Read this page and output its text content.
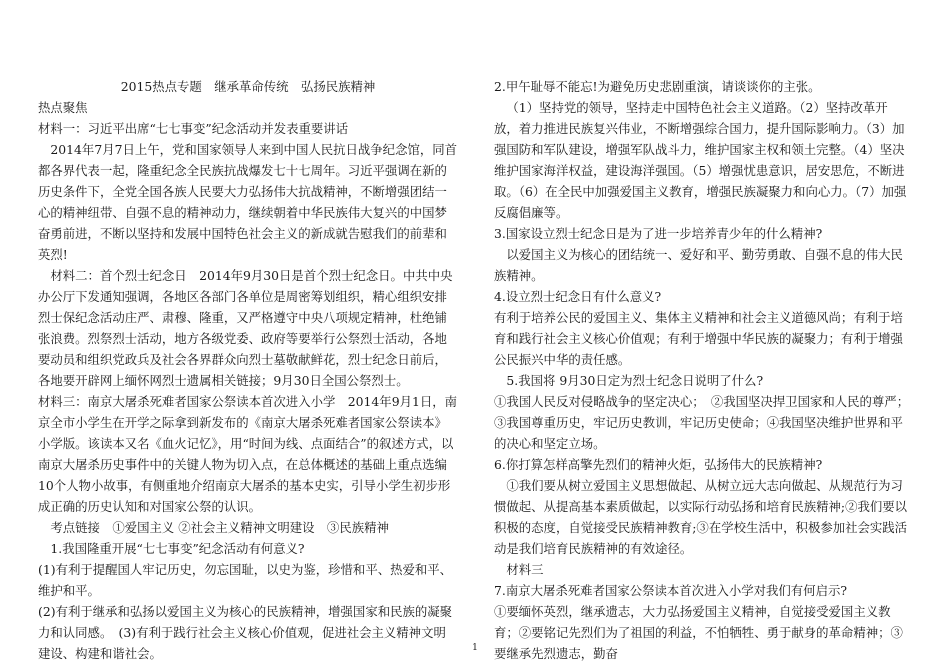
2015热点专题　继承革命传统　弘扬民族精神

热点聚焦

材料一：习近平出席“七七事变”纪念活动并发表重要讲话

2014年7月7日上午，党和国家领导人来到中国人民抗日战争纪念馆，同首都各界代表一起，隆重纪念全民族抗战爆发七十七周年。习近平强调在新的历史条件下，全党全国各族人民要大力弘扬伟大抗战精神，不断增强团结一心的精神纽带、自强不息的精神动力，继续朝着中华民族伟大复兴的中国梦奋勇前进，不断以坚持和发展中国特色社会主义的新成就告慰我们的前辈和英烈!

材料二：首个烈士纪念日　2014年9月30日是首个烈士纪念日。中共中央办公厅下发通知强调，各地区各部门各单位是周密筹划组织，精心组织安排烈士保纪念活动庄严、肃穆、隆重，又严格遵守中央八项规定精神，杜绝铺张浪费。烈祭烈士活动，地方各级党委、政府等要举行公祭烈士活动，各地要动员和组织党政兵及社会各界群众向烈士墓敬献鲜花，烈士纪念日前后，各地要开辟网上缅怀网烈士遗属相关链接；9月30日全国公祭烈士。

材料三：南京大屠杀死难者国家公祭读本首次进入小学　2014年9月1日，南京全市小学生在开学之际拿到新发布的《南京大屠杀死难者国家公祭读本》小学版。该读本又名《血火记忆》，用“时间为线、点面结合”的叙述方式，以南京大屠杀历史事件中的关键人物为切入点，在总体概述的基础上重点选编10个人物小故事，有侧重地介绍南京大屠杀的基本史实，引导小学生初步形成正确的历史认知和对国家公祭的认识。

考点链接　①爱国主义 ②社会主义精神文明建设　③民族精神

1.我国隆重开展“七七事变”纪念活动有何意义?

(1)有利于提醒国人牢记历史，勿忘国耻，以史为鉴，珍惜和平、热爱和平、维护和平。

(2)有利于继承和弘扬以爱国主义为核心的民族精神，增强国家和民族的凝聚力和认同感。　(3)有利于践行社会主义核心价值观，促进社会主义精神文明建设、构建和谐社会。

2.甲午耻辱不能忘!为避免历史悲剧重演，请谈谈你的主张。

（1）坚持党的领导，坚持走中国特色社会主义道路。（2）坚持改革开放，着力推进民族复兴伟业，不断增强综合国力，提升国际影响力。（3）加强国防和军队建设，增强军队战斗力，维护国家主权和领土完整。（4）坚决维护国家海洋权益，建设海洋强国。（5）增强忧患意识，居安思危，不断进取。（6）在全民中加强爱国主义教育，增强民族凝聚力和向心力。（7）加强反腐倡廉等。

3.国家设立烈士纪念日是为了进一步培养青少年的什么精神?

以爱国主义为核心的团结统一、爱好和平、勤劳勇敢、自强不息的伟大民族精神。

4.设立烈士纪念日有什么意义?

有利于培养公民的爱国主义、集体主义精神和社会主义道德风尚；有利于培育和践行社会主义核心价值观；有利于增强中华民族的凝聚力；有利于增强公民振兴中华的责任感。

5.我国将 9月30日定为烈士纪念日说明了什么?

①我国人民反对侵略战争的坚定决心；　②我国坚决捍卫国家和人民的尊严；③我国尊重历史，牢记历史教训，牢记历史使命；④我国坚决维护世界和平的决心和坚定立场。

6.你打算怎样高擎先烈们的精神火炬，弘扬伟大的民族精神?

①我们要从树立爱国主义思想做起、从树立远大志向做起、从规范行为习惯做起、从提高基本素质做起，以实际行动弘扬和培育民族精神;②我们要以积极的态度，自觉接受民族精神教育;③在学校生活中，积极参加社会实践活动是我们培育民族精神的有效途径。

材料三

7.南京大屠杀死难者国家公祭读本首次进入小学对我们有何启示?

①要缅怀英烈，继承遗志，大力弘扬爱国主义精神，自觉接受爱国主义教育；②要铭记先烈们为了祖国的利益，不怕牺牲、勇于献身的革命精神；③要继承先烈遗志，勤奋

1
